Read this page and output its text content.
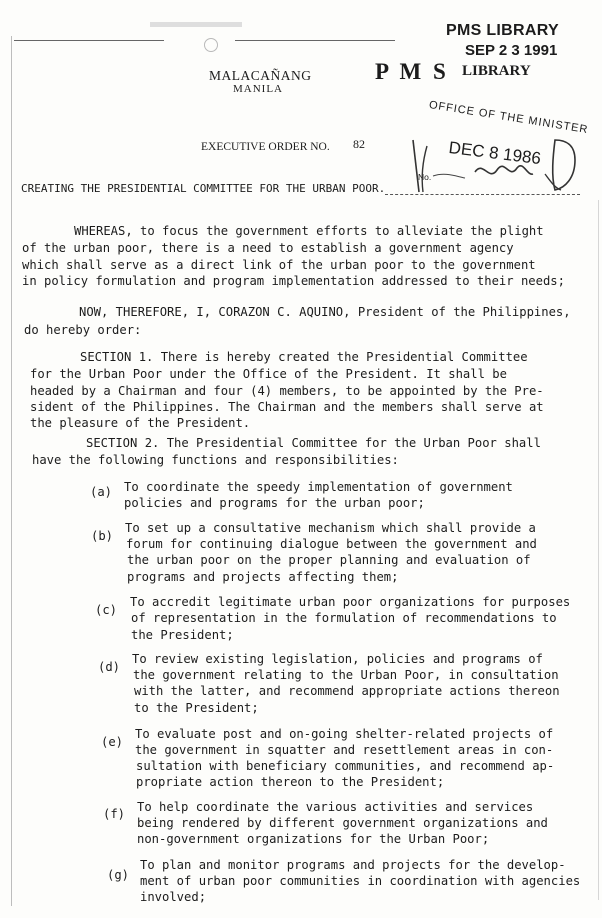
PMS LIBRARY
SEP 2 3 1991
P M S LIBRARY
MALACAÑANG
MANILA
OFFICE OF THE MINISTER
DEC 8 1986
No.
EXECUTIVE ORDER NO. 82
CREATING THE PRESIDENTIAL COMMITTEE FOR THE URBAN POOR.
WHEREAS, to focus the government efforts to alleviate the plight
of the urban poor, there is a need to establish a government agency
which shall serve as a direct link of the urban poor to the government
in policy formulation and program implementation addressed to their needs;
NOW, THEREFORE, I, CORAZON C. AQUINO, President of the Philippines,
do hereby order:
SECTION 1. There is hereby created the Presidential Committee
for the Urban Poor under the Office of the President. It shall be
headed by a Chairman and four (4) members, to be appointed by the Pre-
sident of the Philippines. The Chairman and the members shall serve at
the pleasure of the President.
SECTION 2. The Presidential Committee for the Urban Poor shall
have the following functions and responsibilities:
(a) To coordinate the speedy implementation of government
policies and programs for the urban poor;
(b)
To set up a consultative mechanism which shall provide a
forum for continuing dialogue between the government and
the urban poor on the proper planning and evaluation of
programs and projects affecting them;
(c)
To accredit legitimate urban poor organizations for purposes
of representation in the formulation of recommendations to
the President;
(d)
To review existing legislation, policies and programs of
the government relating to the Urban Poor, in consultation
with the latter, and recommend appropriate actions thereon
to the President;
(e)
To evaluate post and on-going shelter-related projects of
the government in squatter and resettlement areas in con-
sultation with beneficiary communities, and recommend ap-
propriate action thereon to the President;
(f) To help coordinate the various activities and services
being rendered by different government organizations and
non-government organizations for the Urban Poor;
(g)
To plan and monitor programs and projects for the develop-
ment of urban poor communities in coordination with agencies
involved;
